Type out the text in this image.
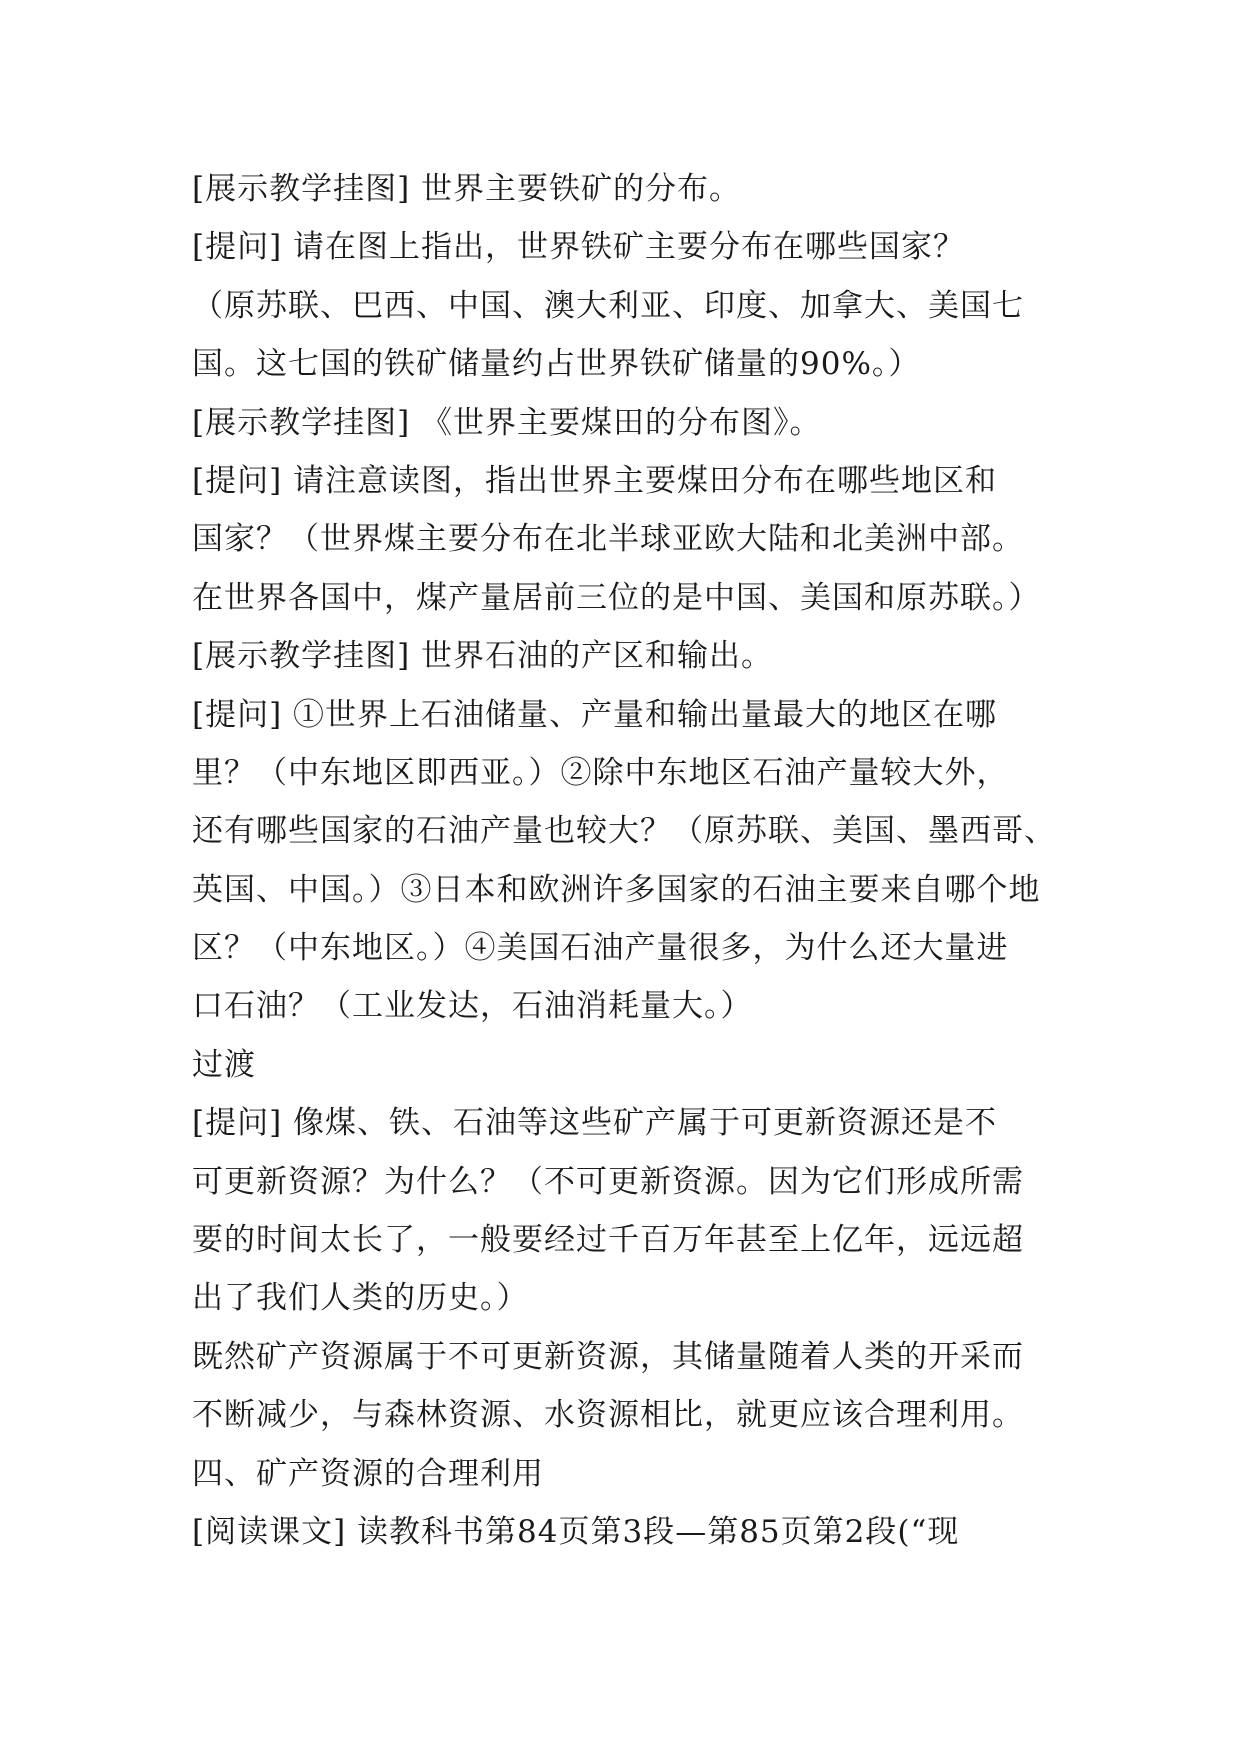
[展示教学挂图] 世界主要铁矿的分布。
[提问] 请在图上指出，世界铁矿主要分布在哪些国家？
（原苏联、巴西、中国、澳大利亚、印度、加拿大、美国七
国。这七国的铁矿储量约占世界铁矿储量的90%。）
[展示教学挂图] 《世界主要煤田的分布图》。
[提问] 请注意读图，指出世界主要煤田分布在哪些地区和
国家？（世界煤主要分布在北半球亚欧大陆和北美洲中部。
在世界各国中，煤产量居前三位的是中国、美国和原苏联。）
[展示教学挂图] 世界石油的产区和输出。
[提问] ①世界上石油储量、产量和输出量最大的地区在哪
里？（中东地区即西亚。）②除中东地区石油产量较大外，
还有哪些国家的石油产量也较大？（原苏联、美国、墨西哥、
英国、中国。）③日本和欧洲许多国家的石油主要来自哪个地
区？（中东地区。）④美国石油产量很多，为什么还大量进
口石油？（工业发达，石油消耗量大。）
过渡
[提问] 像煤、铁、石油等这些矿产属于可更新资源还是不
可更新资源？为什么？（不可更新资源。因为它们形成所需
要的时间太长了，一般要经过千百万年甚至上亿年，远远超
出了我们人类的历史。）
既然矿产资源属于不可更新资源，其储量随着人类的开采而
不断减少，与森林资源、水资源相比，就更应该合理利用。
四、矿产资源的合理利用
[阅读课文] 读教科书第84页第3段—第85页第2段(“现
